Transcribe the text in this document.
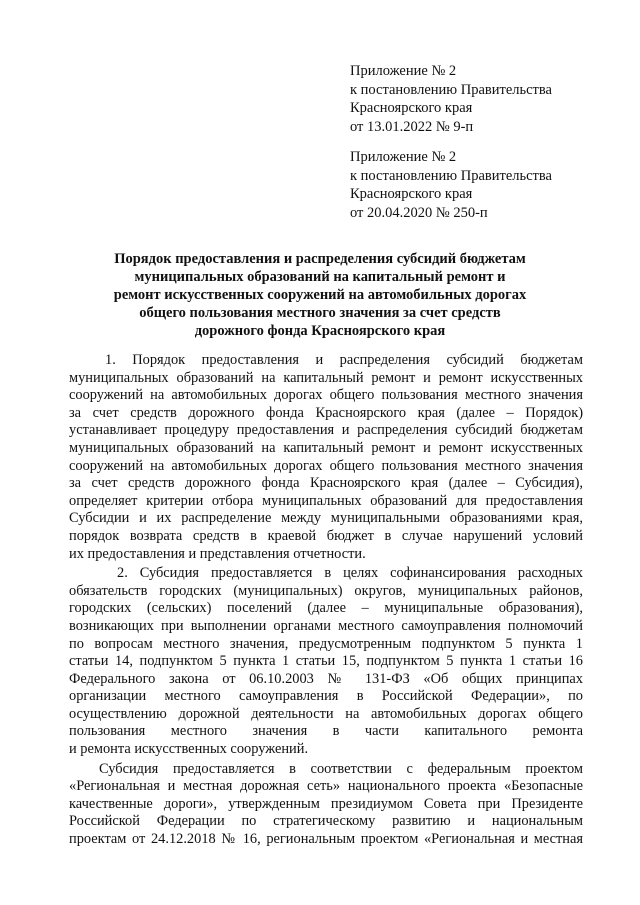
Приложение № 2

к постановлению Правительства

Красноярского края

от 13.01.2022 № 9-п

Приложение № 2

к постановлению Правительства

Красноярского края

от 20.04.2020 № 250-п

Порядок предоставления и распределения субсидий бюджетам

муниципальных образований на капитальный ремонт и

ремонт искусственных сооружений на автомобильных дорогах

общего пользования местного значения за счет средств

дорожного фонда Красноярского края

1. Порядок предоставления и распределения субсидий бюджетам
муниципальных образований на капитальный ремонт и ремонт искусственных
сооружений на автомобильных дорогах общего пользования местного значения
за счет средств дорожного фонда Красноярского края (далее – Порядок)
устанавливает процедуру предоставления и распределения субсидий бюджетам
муниципальных образований на капитальный ремонт и ремонт искусственных
сооружений на автомобильных дорогах общего пользования местного значения
за счет средств дорожного фонда Красноярского края (далее – Субсидия),
определяет критерии отбора муниципальных образований для предоставления
Субсидии и их распределение между муниципальными образованиями края,
порядок возврата средств в краевой бюджет в случае нарушений условий
их предоставления и представления отчетности.
2. Субсидия предоставляется в целях софинансирования расходных
обязательств городских (муниципальных) округов, муниципальных районов,
городских (сельских) поселений (далее – муниципальные образования),
возникающих при выполнении органами местного самоуправления полномочий
по вопросам местного значения, предусмотренным подпунктом 5 пункта 1
статьи 14, подпунктом 5 пункта 1 статьи 15, подпунктом 5 пункта 1 статьи 16
Федерального закона от 06.10.2003 № 131-ФЗ «Об общих принципах
организации местного самоуправления в Российской Федерации», по
осуществлению дорожной деятельности на автомобильных дорогах общего
пользования местного значения в части капитального ремонта
и ремонта искусственных сооружений.
Субсидия предоставляется в соответствии с федеральным проектом
«Региональная и местная дорожная сеть» национального проекта «Безопасные
качественные дороги», утвержденным президиумом Совета при Президенте
Российской Федерации по стратегическому развитию и национальным
проектам от 24.12.2018 № 16, региональным проектом «Региональная и местная
